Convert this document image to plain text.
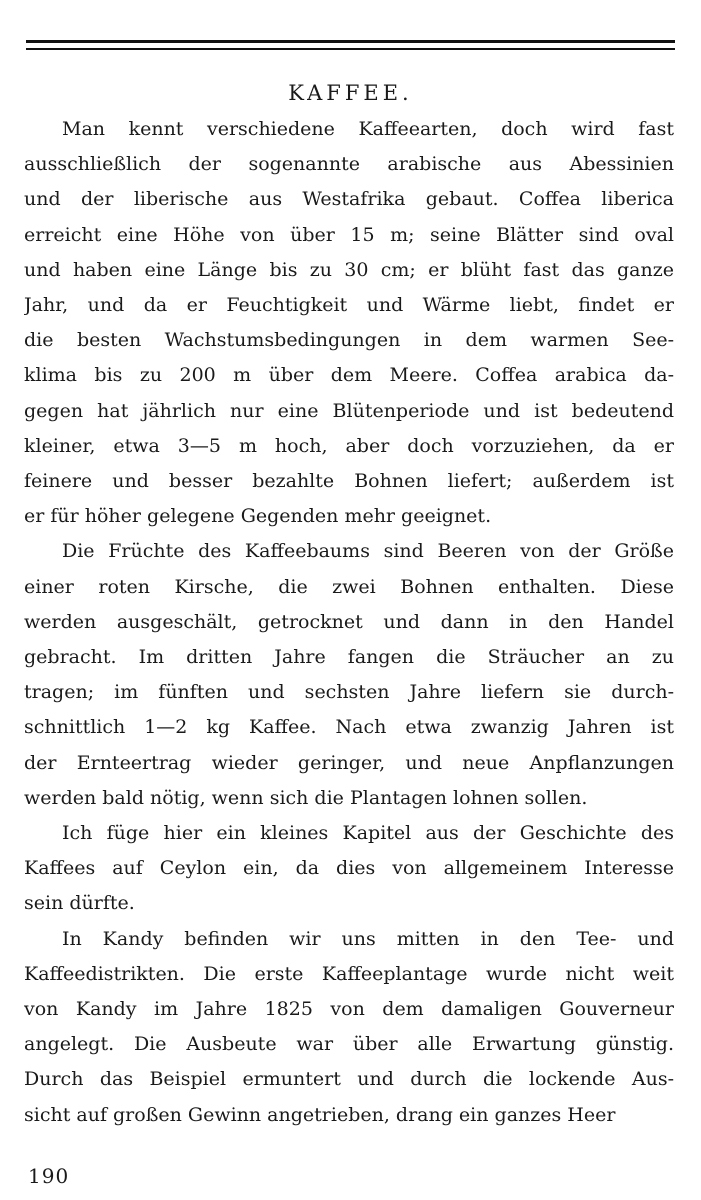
KAFFEE.
Man kennt verschiedene Kaffeearten, doch wird fast
ausschließlich der sogenannte arabische aus Abessinien
und der liberische aus Westafrika gebaut. Coffea liberica
erreicht eine Höhe von über 15 m; seine Blätter sind oval
und haben eine Länge bis zu 30 cm; er blüht fast das ganze
Jahr, und da er Feuchtigkeit und Wärme liebt, findet er
die besten Wachstumsbedingungen in dem warmen See-
klima bis zu 200 m über dem Meere. Coffea arabica da-
gegen hat jährlich nur eine Blütenperiode und ist bedeutend
kleiner, etwa 3—5 m hoch, aber doch vorzuziehen, da er
feinere und besser bezahlte Bohnen liefert; außerdem ist
er für höher gelegene Gegenden mehr geeignet.
Die Früchte des Kaffeebaums sind Beeren von der Größe
einer roten Kirsche, die zwei Bohnen enthalten. Diese
werden ausgeschält, getrocknet und dann in den Handel
gebracht. Im dritten Jahre fangen die Sträucher an zu
tragen; im fünften und sechsten Jahre liefern sie durch-
schnittlich 1—2 kg Kaffee. Nach etwa zwanzig Jahren ist
der Ernteertrag wieder geringer, und neue Anpflanzungen
werden bald nötig, wenn sich die Plantagen lohnen sollen.
Ich füge hier ein kleines Kapitel aus der Geschichte des
Kaffees auf Ceylon ein, da dies von allgemeinem Interesse
sein dürfte.
In Kandy befinden wir uns mitten in den Tee- und
Kaffeedistrikten. Die erste Kaffeeplantage wurde nicht weit
von Kandy im Jahre 1825 von dem damaligen Gouverneur
angelegt. Die Ausbeute war über alle Erwartung günstig.
Durch das Beispiel ermuntert und durch die lockende Aus-
sicht auf großen Gewinn angetrieben, drang ein ganzes Heer
190
